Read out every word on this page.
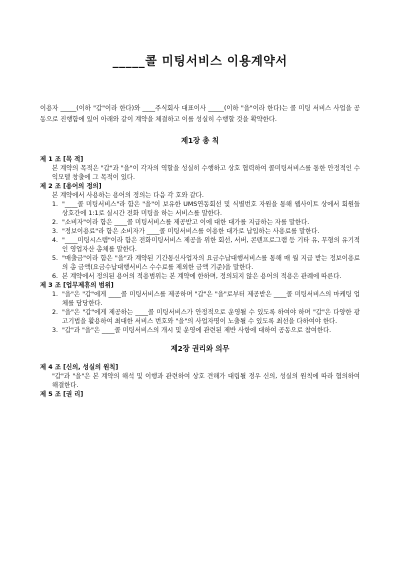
_____콜 미팅서비스 이용계약서

이용자 _____(이하 "갑"이라 한다)와 ____주식회사 대표이사 _____(이하 "을"이라 한다)는 콜 미팅 서비스 사업을 공동으로 진행함에 있어 아래와 같이 계약을 체결하고 이를 성실히 수행할 것을 확약한다.

제1장 총 칙

제 1 조 [목 적]

본 계약의 목적은 "갑"과 "을"이 각자의 역할을 성실히 수행하고 상호 협력하여 콜미팅서비스를 통한 안정적인 수익모델 창출에 그 목적이 있다.

제 2 조 [용어의 정의]

본 계약에서 사용하는 용어의 정의는 다음 각 호와 같다.

1. "____콜 미팅서비스"라 함은 "을"이 보유한 UMS연동회선 및 식별번호 자원을 통해 웹사이트 상에서 회원들 상호간에 1:1로 실시간 전화 미팅을 하는 서비스를 말한다.
2. "소비자"이라 함은 ____콜 미팅서비스를 제공받고 이에 대한 대가를 지급하는 자를 말한다.
3. "정보이용료"라 함은 소비자가 ____콜 미팅서비스를 이용한 대가로 납입하는 사용료를 말한다.
4. "____미팅시스템"이라 함은 전화미팅서비스 제공을 위한 회선, 서버, 콘텐프로그램 등 기타 유, 무형의 유기적인 영업자산 총체를 말한다.
5. "매출금"이라 함은 "을"과 계약된 기간통신사업자의 요금수납대행서비스를 통해 매 월 지급 받는 정보이용료의 총 금액(요금수납대행서비스 수수료를 제외한 금액 기준)을 말한다.
6. 본 계약에서 정의된 용어의 적용범위는 본 계약에 한하며, 정의되지 않은 용어의 적용은 관례에 따른다.

제 3 조 [업무제휴의 범위]

1. "을"은 "갑"에게 ____콜 미팅서비스를 제공하며 "갑"은 "을"로부터 제공받은 ____콜 미팅서비스의 마케팅 업체를 담당한다.
2. "을"은 "갑"에게 제공하는 ____콜 미팅서비스가 안정적으로 운영될 수 있도록 하여야 하며 "갑"은 다양한 광고기법을 활용하여 최대한 서비스 번호와 "을"의 사업자명이 노출될 수 있도록 최선을 다하여야 한다.
3. "갑"과 "을"은 ____콜 미팅서비스의 개시 및 운영에 관련된 제반 사항에 대하여 공동으로 참여한다.
제2장 권리와 의무

제 4 조 [신의, 성실의 원칙]

"갑"과 "을"은 본 계약의 해석 및 이행과 관련하여 상호 견해가 대립될 경우 신의, 성실의 원칙에 따라 협의하여 해결한다.

제 5 조 [권 리]
